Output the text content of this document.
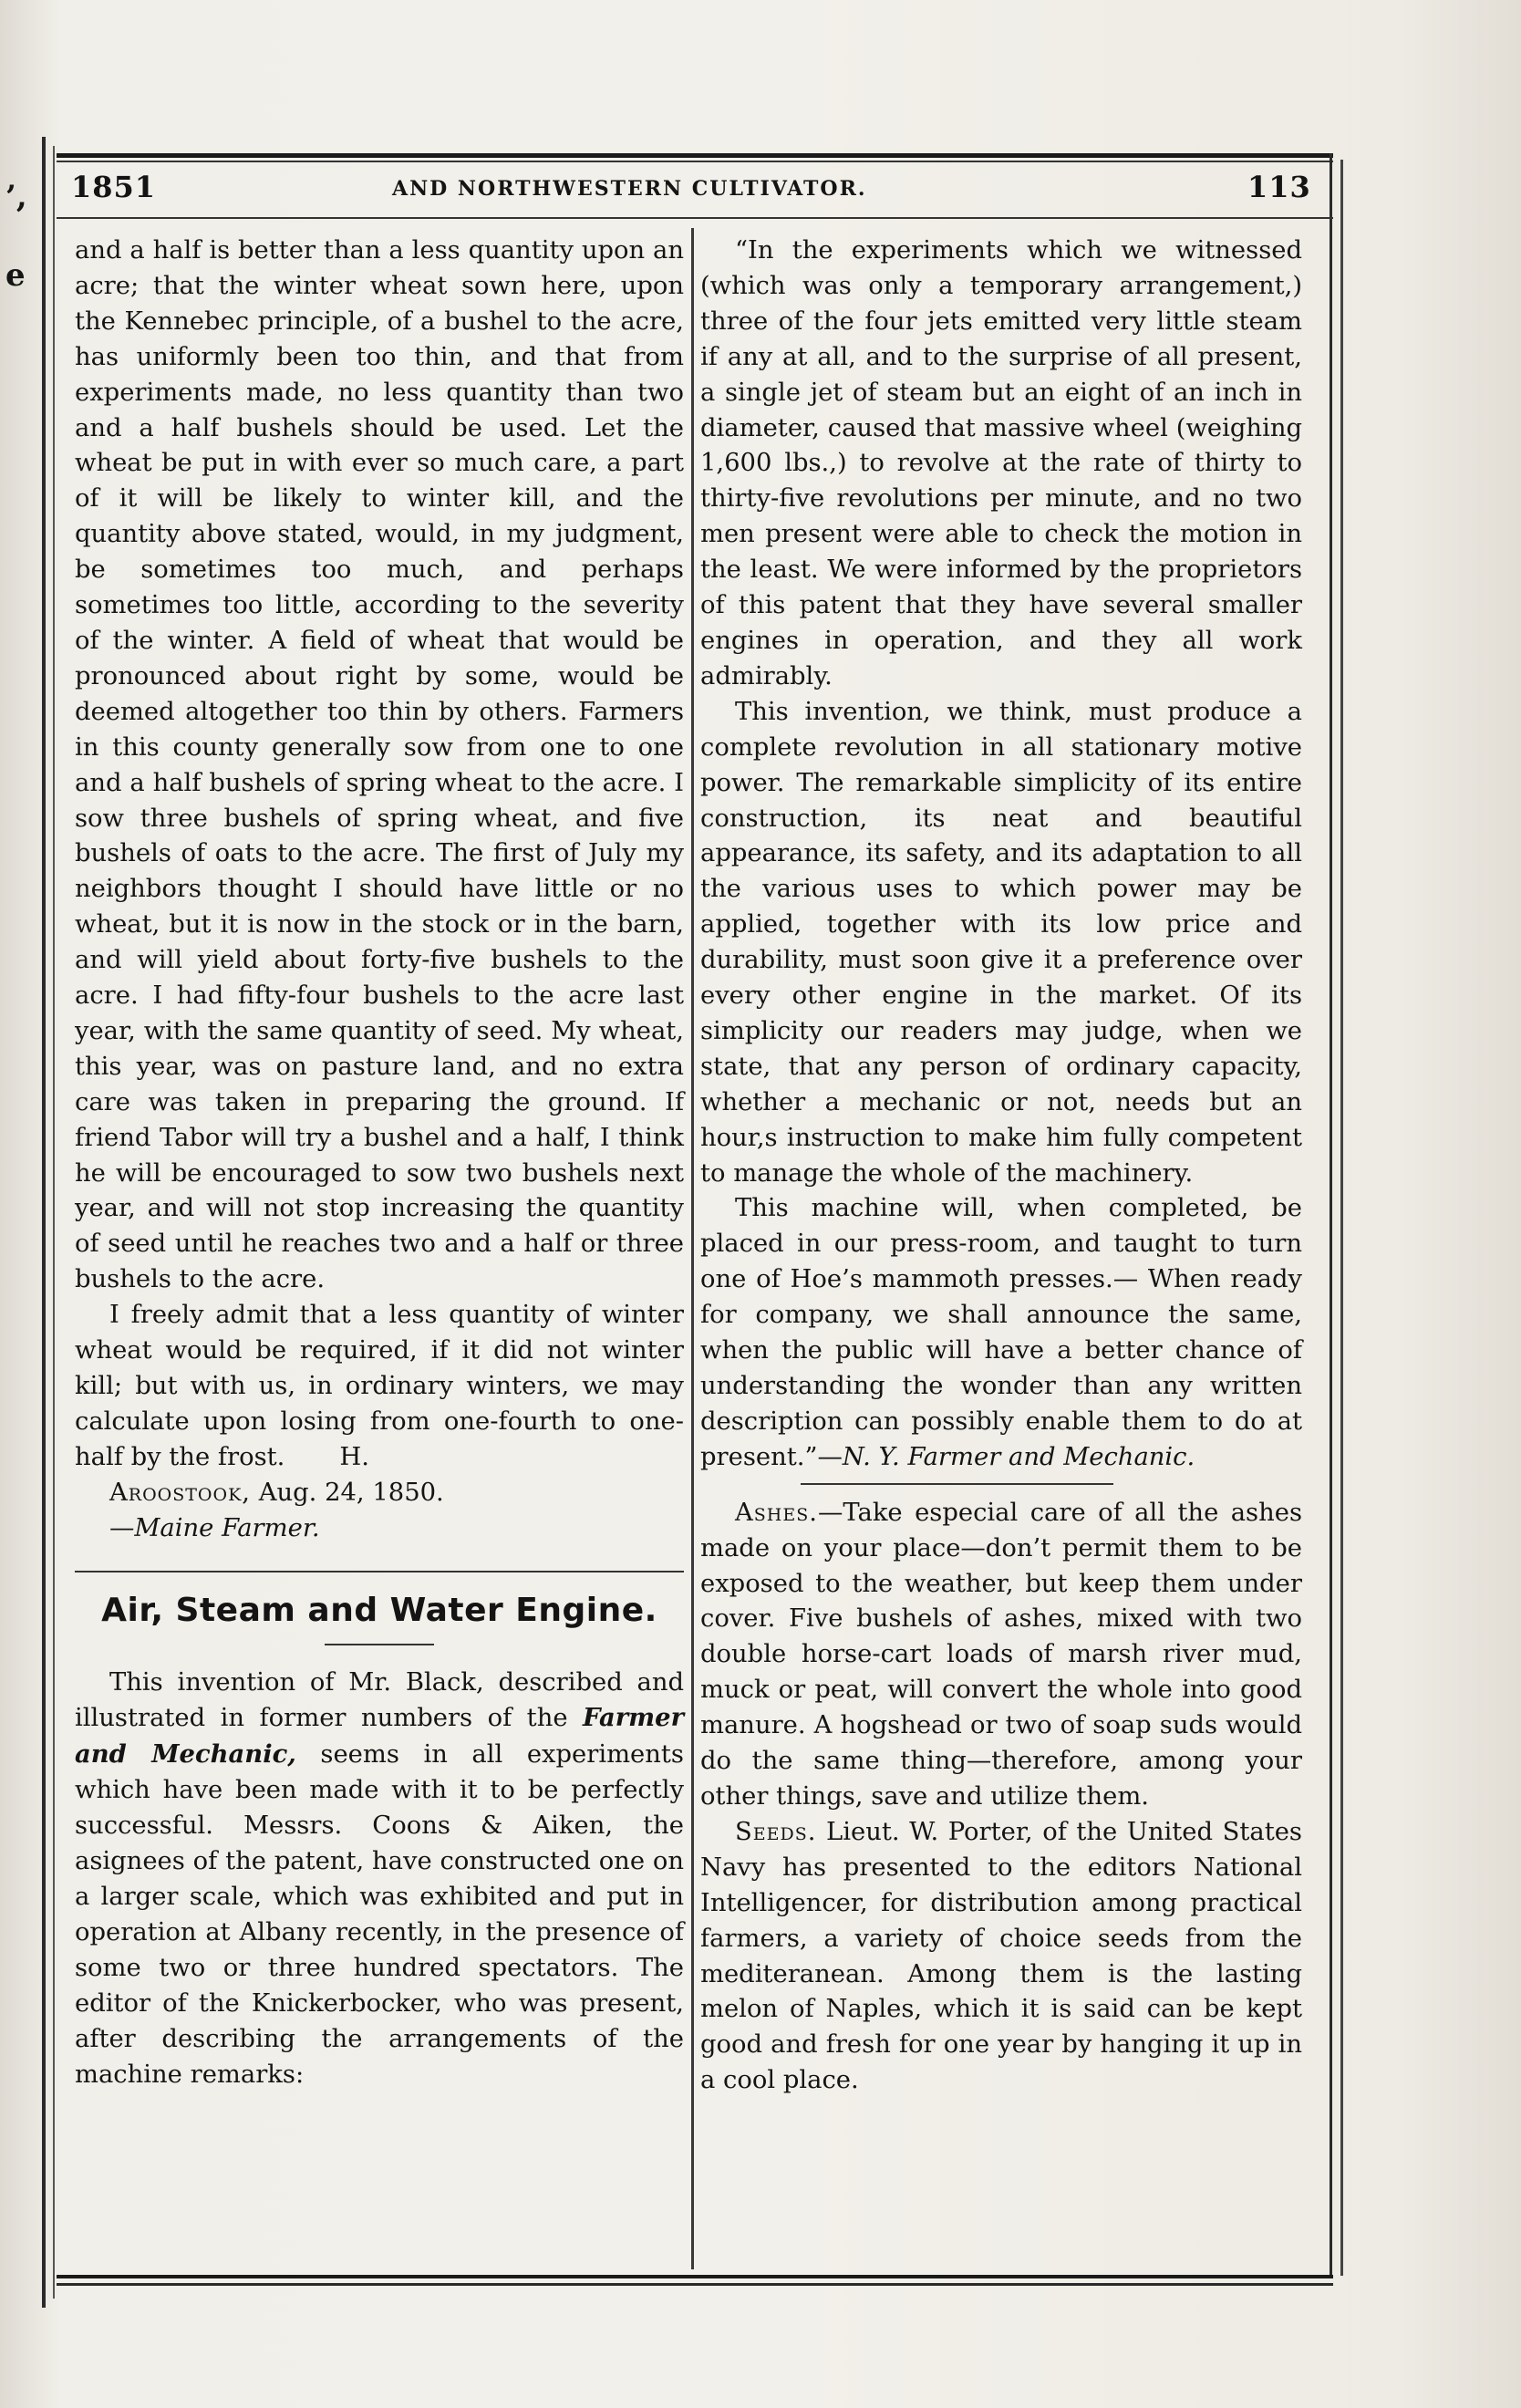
’,
e
1851	AND NORTHWESTERN CULTIVATOR.	113

and a half is better than a less quantity upon an acre; that the winter wheat sown here, upon the Kennebec principle, of a bushel to the acre, has uniformly been too thin, and that from experiments made, no less quantity than two and a half bushels should be used. Let the wheat be put in with ever so much care, a part of it will be likely to winter kill, and the quantity above stated, would, in my judgment, be sometimes too much, and perhaps sometimes too little, according to the severity of the winter. A field of wheat that would be pronounced about right by some, would be deemed altogether too thin by others. Farmers in this county generally sow from one to one and a half bushels of spring wheat to the acre. I sow three bushels of spring wheat, and five bushels of oats to the acre. The first of July my neighbors thought I should have little or no wheat, but it is now in the stock or in the barn, and will yield about forty-five bushels to the acre. I had fifty-four bushels to the acre last year, with the same quantity of seed. My wheat, this year, was on pasture land, and no extra care was taken in preparing the ground. If friend Tabor will try a bushel and a half, I think he will be encouraged to sow two bushels next year, and will not stop increasing the quantity of seed until he reaches two and a half or three bushels to the acre.

I freely admit that a less quantity of winter wheat would be required, if it did not winter kill; but with us, in ordinary winters, we may calculate upon losing from one-fourth to one-half by the frost. H.

Aroostook, Aug. 24, 1850.

—Maine Farmer.

Air, Steam and Water Engine.

This invention of Mr. Black, described and illustrated in former numbers of the Farmer and Mechanic, seems in all experiments which have been made with it to be perfectly successful. Messrs. Coons & Aiken, the asignees of the patent, have constructed one on a larger scale, which was exhibited and put in operation at Albany recently, in the presence of some two or three hundred spectators. The editor of the Knickerbocker, who was present, after describing the arrangements of the machine remarks:

“In the experiments which we witnessed (which was only a temporary arrangement,) three of the four jets emitted very little steam if any at all, and to the surprise of all present, a single jet of steam but an eight of an inch in diameter, caused that massive wheel (weighing 1,600 lbs.,) to revolve at the rate of thirty to thirty-five revolutions per minute, and no two men present were able to check the motion in the least. We were informed by the proprietors of this patent that they have several smaller engines in operation, and they all work admirably.

This invention, we think, must produce a complete revolution in all stationary motive power. The remarkable simplicity of its entire construction, its neat and beautiful appearance, its safety, and its adaptation to all the various uses to which power may be applied, together with its low price and durability, must soon give it a preference over every other engine in the market. Of its simplicity our readers may judge, when we state, that any person of ordinary capacity, whether a mechanic or not, needs but an hour,s instruction to make him fully competent to manage the whole of the machinery.

This machine will, when completed, be placed in our press-room, and taught to turn one of Hoe’s mammoth presses.— When ready for company, we shall announce the same, when the public will have a better chance of understanding the wonder than any written description can possibly enable them to do at present.”—N. Y. Farmer and Mechanic.

Ashes.—Take especial care of all the ashes made on your place—don’t permit them to be exposed to the weather, but keep them under cover. Five bushels of ashes, mixed with two double horse-cart loads of marsh river mud, muck or peat, will convert the whole into good manure. A hogshead or two of soap suds would do the same thing—therefore, among your other things, save and utilize them.

Seeds. Lieut. W. Porter, of the United States Navy has presented to the editors National Intelligencer, for distribution among practical farmers, a variety of choice seeds from the mediteranean. Among them is the lasting melon of Naples, which it is said can be kept good and fresh for one year by hanging it up in a cool place.
